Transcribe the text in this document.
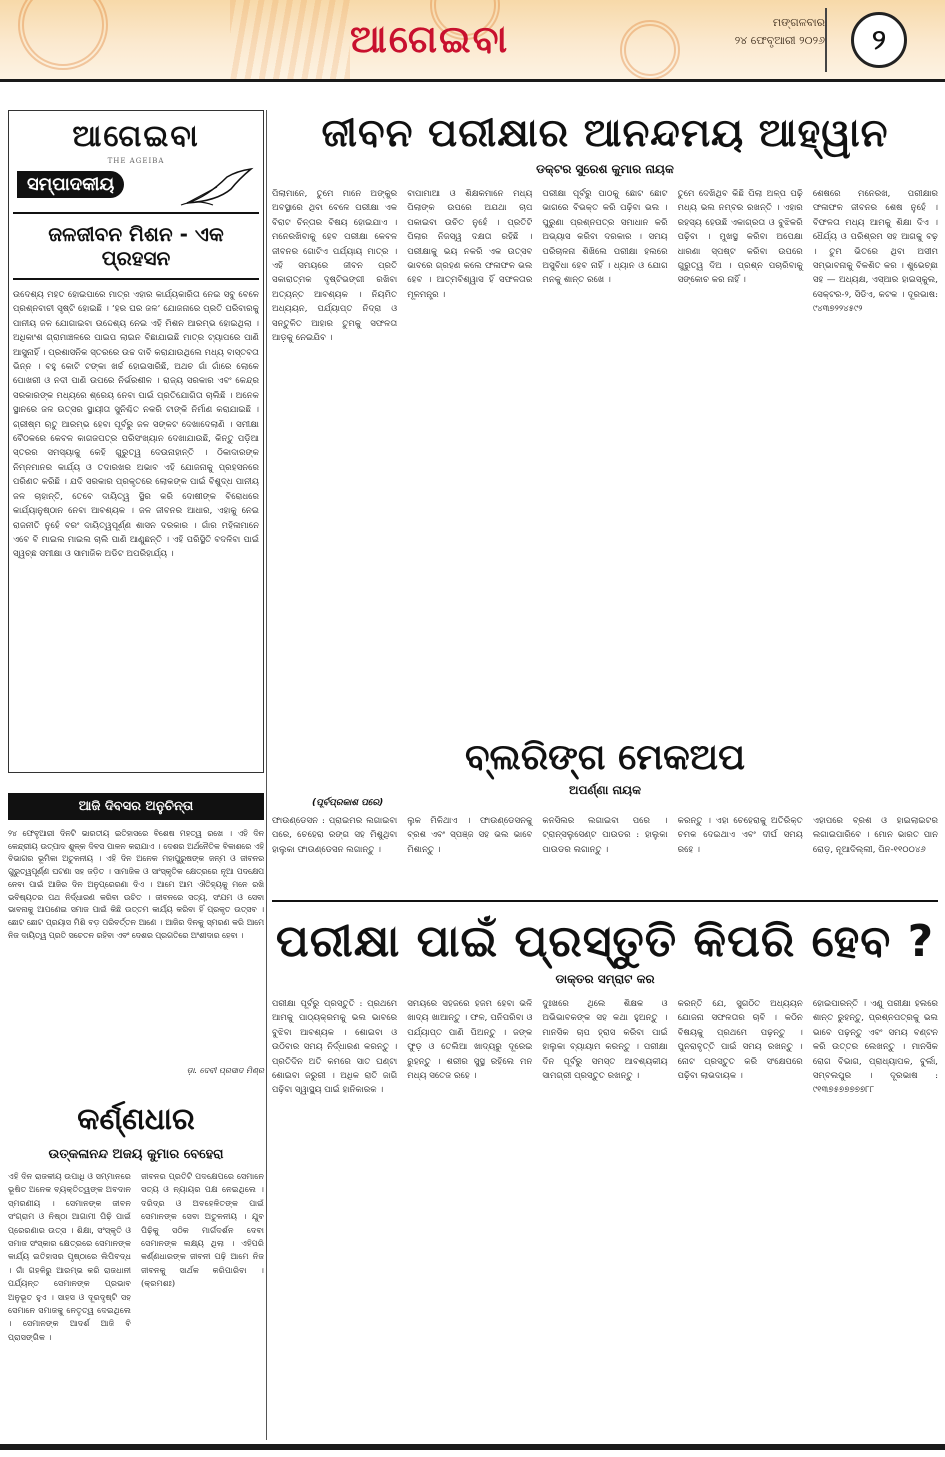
ଆଗେଇବା	ମଙ୍ଗଳବାର
୨୪ ଫେବୃଆରୀ ୨୦୨୬	୨
ଆଗେଇବା
THE AGEIBA
ସମ୍ପାଦକୀୟ
ଜଳଜୀବନ ମିଶନ - ଏକ ପ୍ରହସନ

ଉଦେଶ୍ୟ ମହତ ହୋଇପାରେ ମାତ୍ର ଏହାର କାର୍ଯ୍ୟକାରିତା ନେଇ ସବୁ ବେଳେ ପ୍ରଶ୍ନବାଚୀ ସୃଷ୍ଟି ହୋଇଛି । ‘ହର ଘର ଜଳ’ ଯୋଜନାରେ ପ୍ରତି ପରିବାରକୁ ପାନୀୟ ଜଳ ଯୋଗାଇବା ଉଦ୍ଦେଶ୍ୟ ନେଇ ଏହି ମିଶନ ଆରମ୍ଭ ହୋଇଥିଲା । ଅଧିକାଂଶ ଗ୍ରାମାଞ୍ଚଳରେ ପାଇପ ଲାଇନ ବିଛାଯାଇଛି ମାତ୍ର ଟ୍ୟାପରେ ପାଣି ଆସୁନାହିଁ । ପ୍ରଶାସନିକ ସ୍ତରରେ ଉଚ୍ଚ ଦାବି କରାଯାଉଥିଲେ ମଧ୍ୟ ବାସ୍ତବତା ଭିନ୍ନ । ବହୁ କୋଟି ଟଙ୍କା ଖର୍ଚ୍ଚ ହୋଇସାରିଛି, ଅଥଚ ଗାଁ ଗାଁରେ ଲୋକେ ପୋଖରୀ ଓ ନଦୀ ପାଣି ଉପରେ ନିର୍ଭରଶୀଳ । ରାଜ୍ୟ ସରକାର ଏବଂ କେନ୍ଦ୍ର ସରକାରଙ୍କ ମଧ୍ୟରେ ଶ୍ରେୟ ନେବା ପାଇଁ ପ୍ରତିଯୋଗିତା ଚାଲିଛି । ଅନେକ ସ୍ଥାନରେ ଜଳ ଉତ୍ସର ସ୍ଥାୟୀତା ସୁନିଶ୍ଚିତ ନକରି ଟାଙ୍କି ନିର୍ମାଣ କରାଯାଇଛି । ଗ୍ରୀଷ୍ମ ଋତୁ ଆରମ୍ଭ ହେବା ପୂର୍ବରୁ ଜଳ ସଙ୍କଟ ଦେଖାଦେଲାଣି । ସମୀକ୍ଷା ବୈଠକରେ କେବଳ କାଗଜପତ୍ର ପରିସଂଖ୍ୟାନ ଦେଖାଯାଉଛି, କିନ୍ତୁ ପଡ଼ିଆ ସ୍ତରର ସମସ୍ୟାକୁ କେହି ଗୁରୁତ୍ୱ ଦେଉନାହାନ୍ତି । ଠିକାଦାରଙ୍କ ନିମ୍ନମାନର କାର୍ଯ୍ୟ ଓ ତଦାରଖର ଅଭାବ ଏହି ଯୋଜନାକୁ ପ୍ରହସନରେ ପରିଣତ କରିଛି । ଯଦି ସରକାର ପ୍ରକୃତରେ ଲୋକଙ୍କ ପାଇଁ ବିଶୁଦ୍ଧ ପାନୀୟ ଜଳ ଚାହାନ୍ତି, ତେବେ ଦାୟିତ୍ୱ ସ୍ଥିର କରି ଦୋଷୀଙ୍କ ବିରୋଧରେ କାର୍ଯ୍ୟାନୁଷ୍ଠାନ ନେବା ଆବଶ୍ୟକ । ଜଳ ଜୀବନର ଆଧାର, ଏହାକୁ ନେଇ ରାଜନୀତି ନୁହେଁ ବରଂ ଦାୟିତ୍ୱପୂର୍ଣ୍ଣ ଶାସନ ଦରକାର । ଗାଁର ମହିଳାମାନେ ଏବେ ବି ମାଇଲ ମାଇଲ ଚାଲି ପାଣି ଆଣୁଛନ୍ତି । ଏହି ପରିସ୍ଥିତି ବଦଳିବା ପାଇଁ ସ୍ୱଚ୍ଛ ସମୀକ୍ଷା ଓ ସାମାଜିକ ଅଡିଟ ଅପରିହାର୍ଯ୍ୟ ।

ଆଜି ଦିବସର ଅନୁଚିନ୍ତା

୨୪ ଫେବୃଆରୀ ଦିନଟି ଭାରତୀୟ ଇତିହାସରେ ବିଶେଷ ମହତ୍ୱ ରଖେ । ଏହି ଦିନ କେନ୍ଦ୍ରୀୟ ଉତ୍ପାଦ ଶୁଳ୍କ ଦିବସ ପାଳନ କରାଯାଏ । ଦେଶର ଅର୍ଥନୈତିକ ବିକାଶରେ ଏହି ବିଭାଗର ଭୂମିକା ଅତୁଳନୀୟ । ଏହି ଦିନ ଅନେକ ମହାପୁରୁଷଙ୍କ ଜନ୍ମ ଓ ଜୀବନର ଗୁରୁତ୍ୱପୂର୍ଣ୍ଣ ଘଟଣା ସହ ଜଡ଼ିତ । ସାମାଜିକ ଓ ସାଂସ୍କୃତିକ କ୍ଷେତ୍ରରେ ନୂଆ ପଦକ୍ଷେପ ନେବା ପାଇଁ ଆଜିର ଦିନ ଅନୁପ୍ରେରଣା ଦିଏ । ଆମେ ଆମ ଐତିହ୍ୟକୁ ମନେ ରଖି ଭବିଷ୍ୟତର ପଥ ନିର୍ଦ୍ଧାରଣ କରିବା ଉଚିତ । ଜୀବନରେ ସତ୍ୟ, ସଂଯମ ଓ ସେବା ଭାବନାକୁ ଆପଣେଇ ସମାଜ ପାଇଁ କିଛି ଉତ୍ତମ କାର୍ଯ୍ୟ କରିବା ହିଁ ପ୍ରକୃତ ଉତ୍ସବ । ଛୋଟ ଛୋଟ ପ୍ରୟାସ ମିଶି ବଡ଼ ପରିବର୍ତ୍ତନ ଆଣେ । ଆଜିର ଦିନକୁ ସ୍ମରଣ କରି ଆମେ ନିଜ ଦାୟିତ୍ୱ ପ୍ରତି ସଚେତନ ରହିବା ଏବଂ ଦେଶର ପ୍ରଗତିରେ ଅଂଶୀଦାର ହେବା ।

ଡ଼ା. ଦେବୀ ପ୍ରସାଦ ମିଶ୍ର
କର୍ଣ୍ଣଧାର
ଉତ୍କଳାନନ୍ଦ ଅଜୟ କୁମାର ବେହେରା

ଏହି ଦିନ ରାଜକୀୟ ଉପାଧି ଓ ସମ୍ମାନରେ ଭୂଷିତ ଅନେକ ବ୍ୟକ୍ତିତ୍ୱଙ୍କ ଅବଦାନ ସ୍ମରଣୀୟ । ସେମାନଙ୍କ ଜୀବନ ସଂଗ୍ରାମ ଓ ନିଷ୍ଠା ଆଗାମୀ ପିଢ଼ି ପାଇଁ ପ୍ରେରଣାର ଉତ୍ସ । ଶିକ୍ଷା, ସଂସ୍କୃତି ଓ ସମାଜ ସଂସ୍କାର କ୍ଷେତ୍ରରେ ସେମାନଙ୍କ କାର୍ଯ୍ୟ ଇତିହାସର ପୃଷ୍ଠାରେ ଲିପିବଦ୍ଧ । ଗାଁ ଗହଳିରୁ ଆରମ୍ଭ କରି ରାଜଧାନୀ ପର୍ଯ୍ୟନ୍ତ ସେମାନଙ୍କ ପ୍ରଭାବ ଅନୁଭୂତ ହୁଏ । ସାହସ ଓ ଦୂରଦୃଷ୍ଟି ସହ ସେମାନେ ସମାଜକୁ ନେତୃତ୍ୱ ଦେଇଥିଲେ । ସେମାନଙ୍କ ଆଦର୍ଶ ଆଜି ବି ପ୍ରାସଙ୍ଗିକ ।

ଜୀବନର ପ୍ରତିଟି ପଦକ୍ଷେପରେ ସେମାନେ ସତ୍ୟ ଓ ନ୍ୟାୟର ପକ୍ଷ ନେଇଥିଲେ । ଦରିଦ୍ର ଓ ଅବହେଳିତଙ୍କ ପାଇଁ ସେମାନଙ୍କ ସେବା ଅତୁଳନୀୟ । ଯୁବ ପିଢ଼ିକୁ ସଠିକ ମାର୍ଗଦର୍ଶନ ଦେବା ସେମାନଙ୍କ ଲକ୍ଷ୍ୟ ଥିଲା । ଏହିପରି କର୍ଣ୍ଣଧାରଙ୍କ ଜୀବନୀ ପଢ଼ି ଆମେ ନିଜ ଜୀବନକୁ ସାର୍ଥକ କରିପାରିବା । (କ୍ରମଶଃ)

ଜୀବନ ପରୀକ୍ଷାର ଆନନ୍ଦମୟ ଆହ୍ୱାନ
ଡକ୍ଟର ସୁରେଶ କୁମାର ନାୟକ

ପିଲାମାନେ, ତୁମେ ମାନେ ଅଙ୍କୁର ଅବସ୍ଥାରେ ଥିବା ବେଳେ ପରୀକ୍ଷା ଏକ ବିରାଟ ଚିନ୍ତାର ବିଷୟ ହୋଇଯାଏ । ମନେରଖିବାକୁ ହେବ ପରୀକ୍ଷା କେବଳ ଜୀବନର ଗୋଟିଏ ପର୍ଯ୍ୟାୟ ମାତ୍ର । ଏହି ସମୟରେ ଜୀବନ ପ୍ରତି ସକାରାତ୍ମକ ଦୃଷ୍ଟିଭଙ୍ଗୀ ରଖିବା ଅତ୍ୟନ୍ତ ଆବଶ୍ୟକ । ନିୟମିତ ଅଧ୍ୟୟନ, ପର୍ଯ୍ୟାପ୍ତ ନିଦ୍ରା ଓ ସନ୍ତୁଳିତ ଆହାର ତୁମକୁ ସଫଳତା ଆଡ଼କୁ ନେଇଯିବ ।

ବାପାମାଆ ଓ ଶିକ୍ଷକମାନେ ମଧ୍ୟ ପିଲାଙ୍କ ଉପରେ ଅଯଥା ଚାପ ପକାଇବା ଉଚିତ ନୁହେଁ । ପ୍ରତିଟି ପିଲାର ନିଜସ୍ୱ ଦକ୍ଷତା ରହିଛି । ପରୀକ୍ଷାକୁ ଭୟ ନକରି ଏକ ଉତ୍ସବ ଭାବରେ ଗ୍ରହଣ କଲେ ଫଳାଫଳ ଭଲ ହେବ । ଆତ୍ମବିଶ୍ୱାସ ହିଁ ସଫଳତାର ମୂଳମନ୍ତ୍ର ।

ପରୀକ୍ଷା ପୂର୍ବରୁ ପାଠକୁ ଛୋଟ ଛୋଟ ଭାଗରେ ବିଭକ୍ତ କରି ପଢ଼ିବା ଭଲ । ପୁରୁଣା ପ୍ରଶ୍ନପତ୍ର ସମାଧାନ କରି ଅଭ୍ୟାସ କରିବା ଦରକାର । ସମୟ ପରିଚାଳନା ଶିଖିଲେ ପରୀକ୍ଷା ହଲରେ ଅସୁବିଧା ହେବ ନାହିଁ । ଧ୍ୟାନ ଓ ଯୋଗ ମନକୁ ଶାନ୍ତ ରଖେ ।

ତୁମେ ଦେଖିଥିବ କିଛି ପିଲା ଅଳ୍ପ ପଢ଼ି ମଧ୍ୟ ଭଲ ନମ୍ବର ରଖନ୍ତି । ଏହାର ରହସ୍ୟ ହେଉଛି ଏକାଗ୍ରତା ଓ ବୁଝିକରି ପଢ଼ିବା । ମୁଖସ୍ଥ କରିବା ଅପେକ୍ଷା ଧାରଣା ସ୍ପଷ୍ଟ କରିବା ଉପରେ ଗୁରୁତ୍ୱ ଦିଅ । ପ୍ରଶ୍ନ ପଚାରିବାକୁ ସଙ୍କୋଚ କର ନାହିଁ ।

ଶେଷରେ ମନେରଖ, ପରୀକ୍ଷାର ଫଳାଫଳ ଜୀବନର ଶେଷ ନୁହେଁ । ବିଫଳତା ମଧ୍ୟ ଆମକୁ ଶିକ୍ଷା ଦିଏ । ଧୈର୍ଯ୍ୟ ଓ ପରିଶ୍ରମ ସହ ଆଗକୁ ବଢ଼ । ତୁମ ଭିତରେ ଥିବା ଅସୀମ ସମ୍ଭାବନାକୁ ବିକଶିତ କର । ଶୁଭେଚ୍ଛା ସହ — ଅଧ୍ୟକ୍ଷ, ଏସ୍‌ଆର ହାଇସ୍କୁଲ, ସେକ୍ଟର-୨, ସିଡିଏ, କଟକ । ଦୂରଭାଷ: ୯୪୩୭୨୨୪୫୯୨

ବ୍ଲରିଙ୍ଗ ମେକଅପ
ଅପର୍ଣ୍ଣା ନାୟକ
(ପୂର୍ବପ୍ରକାଶ ପରେ)

ଫାଉଣ୍ଡେସନ : ପ୍ରାଇମର ଲଗାଇବା ପରେ, ଚେହେରା ରଙ୍ଗ ସହ ମିଶୁଥିବା ହାଲୁକା ଫାଉଣ୍ଡେସନ ଲଗାନ୍ତୁ ।

ଲୁକ ମିଳିଥାଏ । ଫାଉଣ୍ଡେସନକୁ ବ୍ରଶ ଏବଂ ସ୍ପଞ୍ଜ ସହ ଭଲ ଭାବେ ମିଶାନ୍ତୁ ।

କନସିଲର ଲଗାଇବା ପରେ । ଟ୍ରାନ୍ସଲୁସେଣ୍ଟ ପାଉଡର : ହାଲୁକା ପାଉଡର ଲଗାନ୍ତୁ ।

କରନ୍ତୁ । ଏହା ଚେହେରାକୁ ଅତିରିକ୍ତ ଚମକ ଦେଇଥାଏ ଏବଂ ଦୀର୍ଘ ସମୟ ରହେ ।

ଏହାପରେ ବ୍ରଶ ଓ ହାଇଲାଇଟର ଲଗାଇପାରିବେ । ମୋନ ଭାରତ ପାନ ରୋଡ଼, ନୂଆଦିଲ୍ଲୀ, ପିନ-୧୧୦୦୪୬

ପରୀକ୍ଷା ପାଇଁ ପ୍ରସ୍ତୁତି କିପରି ହେବ ?
ଡାକ୍ତର ସମ୍ରାଟ କର

ପରୀକ୍ଷା ପୂର୍ବରୁ ପ୍ରସ୍ତୁତି : ପ୍ରଥମେ ଆମକୁ ପାଠ୍ୟକ୍ରମକୁ ଭଲ ଭାବରେ ବୁଝିବା ଆବଶ୍ୟକ । ଶୋଇବା ଓ ଉଠିବାର ସମୟ ନିର୍ଦ୍ଧାରଣ କରନ୍ତୁ । ପ୍ରତିଦିନ ଅତି କମରେ ସାତ ଘଣ୍ଟା ଶୋଇବା ଜରୁରୀ । ଅଧିକ ରାତି ଜାଗି ପଢ଼ିବା ସ୍ୱାସ୍ଥ୍ୟ ପାଇଁ ହାନିକାରକ ।

ସମୟରେ ସହଜରେ ହଜମ ହେବା ଭଳି ଖାଦ୍ୟ ଖାଆନ୍ତୁ । ଫଳ, ପନିପରିବା ଓ ପର୍ଯ୍ୟାପ୍ତ ପାଣି ପିଅନ୍ତୁ । ଜଙ୍କ ଫୁଡ଼ ଓ ତେଲିଆ ଖାଦ୍ୟରୁ ଦୂରେଇ ରୁହନ୍ତୁ । ଶରୀର ସୁସ୍ଥ ରହିଲେ ମନ ମଧ୍ୟ ସତେଜ ରହେ ।

ଦୁଃଖରେ ଥିଲେ ଶିକ୍ଷକ ଓ ଅଭିଭାବକଙ୍କ ସହ କଥା ହୁଅନ୍ତୁ । ମାନସିକ ଚାପ ହ୍ରାସ କରିବା ପାଇଁ ହାଲୁକା ବ୍ୟାୟାମ କରନ୍ତୁ । ପରୀକ୍ଷା ଦିନ ପୂର୍ବରୁ ସମସ୍ତ ଆବଶ୍ୟକୀୟ ସାମଗ୍ରୀ ପ୍ରସ୍ତୁତ ରଖନ୍ତୁ ।

କରନ୍ତି ଯେ, ସୁଗଠିତ ଅଧ୍ୟୟନ ଯୋଜନା ସଫଳତାର ଚାବି । କଠିନ ବିଷୟକୁ ପ୍ରଥମେ ପଢ଼ନ୍ତୁ । ପୁନରାବୃତ୍ତି ପାଇଁ ସମୟ ରଖନ୍ତୁ । ନୋଟ ପ୍ରସ୍ତୁତ କରି ସଂକ୍ଷେପରେ ପଢ଼ିବା ଲାଭଦାୟକ ।

ହୋଇପାରନ୍ତି । ଏଣୁ ପରୀକ୍ଷା ହଲରେ ଶାନ୍ତ ରୁହନ୍ତୁ, ପ୍ରଶ୍ନପତ୍ରକୁ ଭଲ ଭାବେ ପଢ଼ନ୍ତୁ ଏବଂ ସମୟ ବଣ୍ଟନ କରି ଉତ୍ତର ଲେଖନ୍ତୁ । ମାନସିକ ରୋଗ ବିଭାଗ, ପ୍ରାଧ୍ୟାପକ, ବୁର୍ଲା, ସମ୍ବଲପୁର । ଦୂରଭାଷ : ୯୧୩୭୫୭୭୭୭୭୮୮
